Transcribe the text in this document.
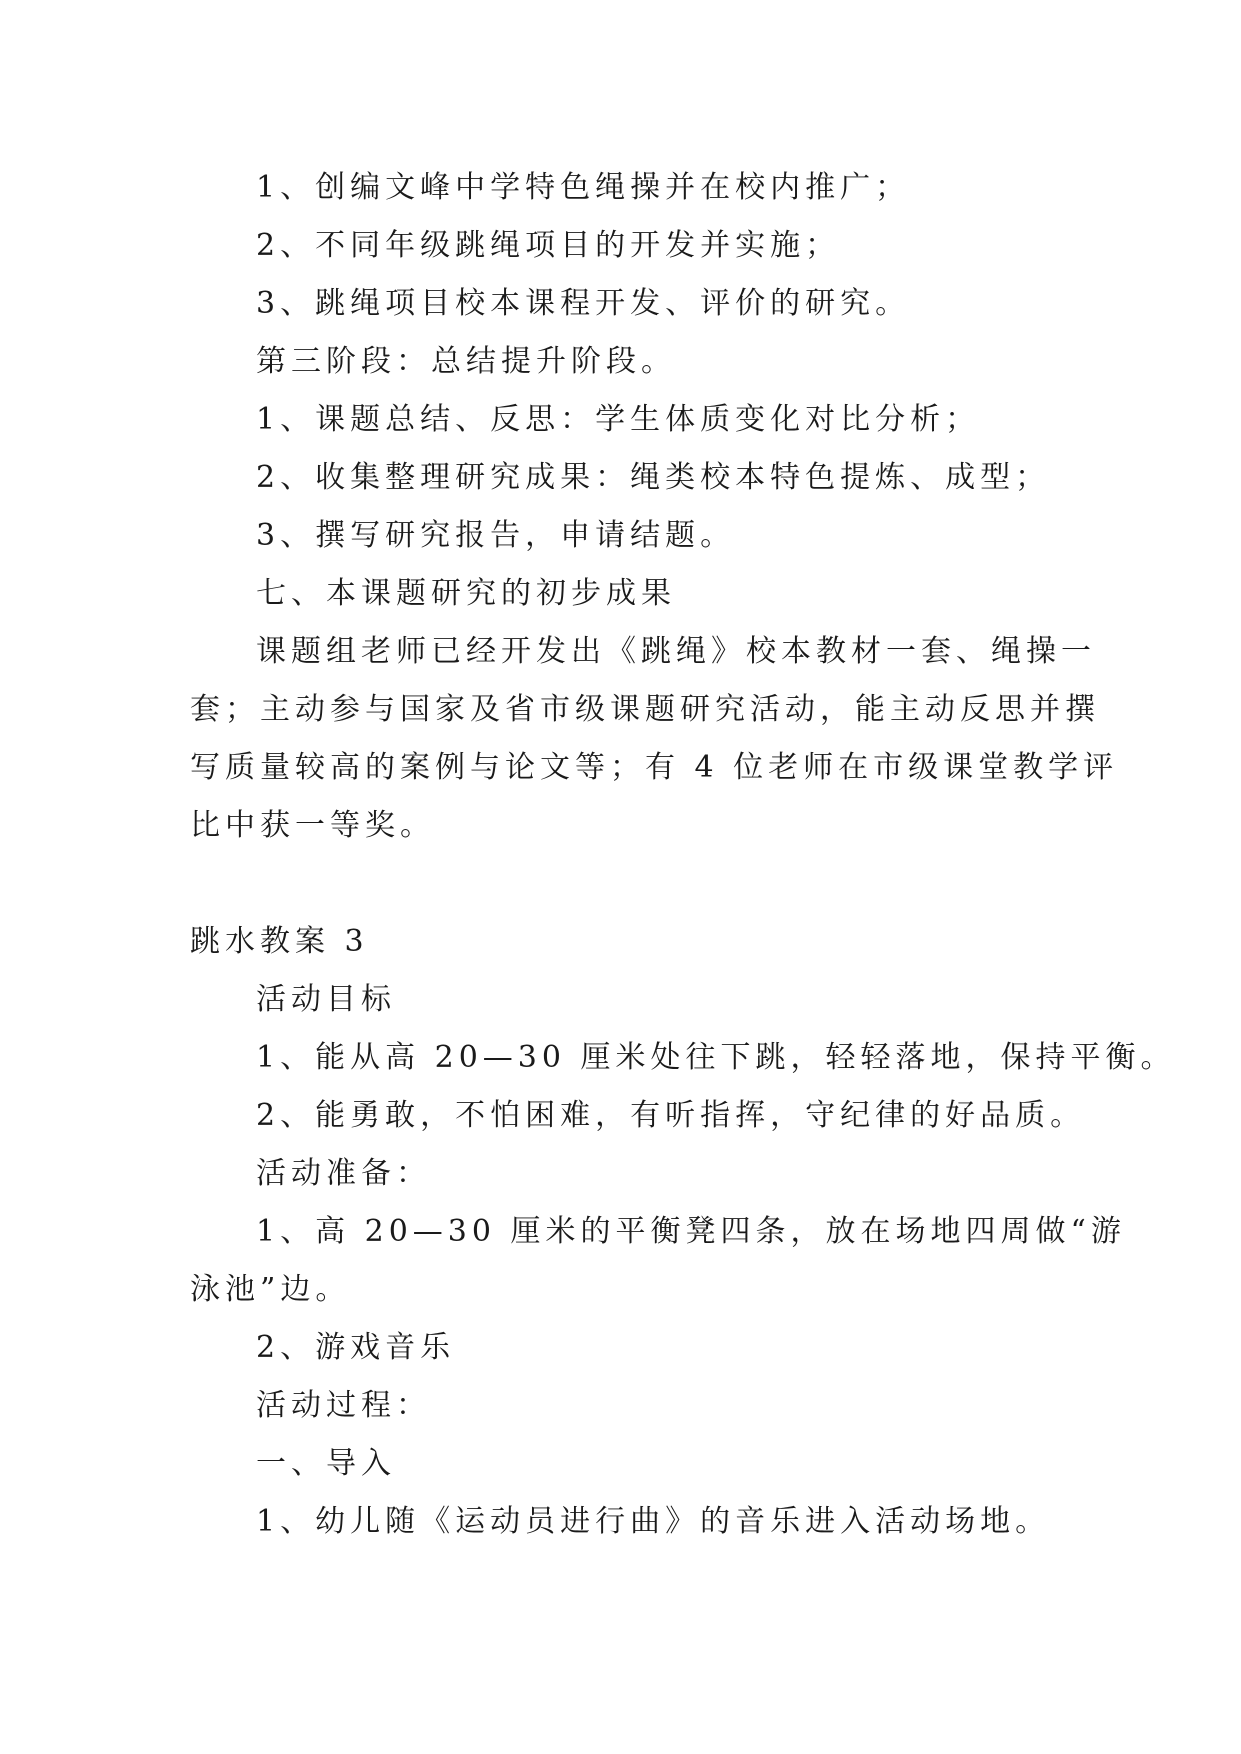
1、创编文峰中学特色绳操并在校内推广；
2、不同年级跳绳项目的开发并实施；
3、跳绳项目校本课程开发、评价的研究。
第三阶段：总结提升阶段。
1、课题总结、反思：学生体质变化对比分析；
2、收集整理研究成果：绳类校本特色提炼、成型；
3、撰写研究报告，申请结题。
七、本课题研究的初步成果
课题组老师已经开发出《跳绳》校本教材一套、绳操一
套；主动参与国家及省市级课题研究活动，能主动反思并撰
写质量较高的案例与论文等；有 4 位老师在市级课堂教学评
比中获一等奖。
跳水教案 3
活动目标
1、能从高 20—30 厘米处往下跳，轻轻落地，保持平衡。
2、能勇敢，不怕困难，有听指挥，守纪律的好品质。
活动准备：
1、高 20—30 厘米的平衡凳四条，放在场地四周做“游
泳池”边。
2、游戏音乐
活动过程：
一、导入
1、幼儿随《运动员进行曲》的音乐进入活动场地。
